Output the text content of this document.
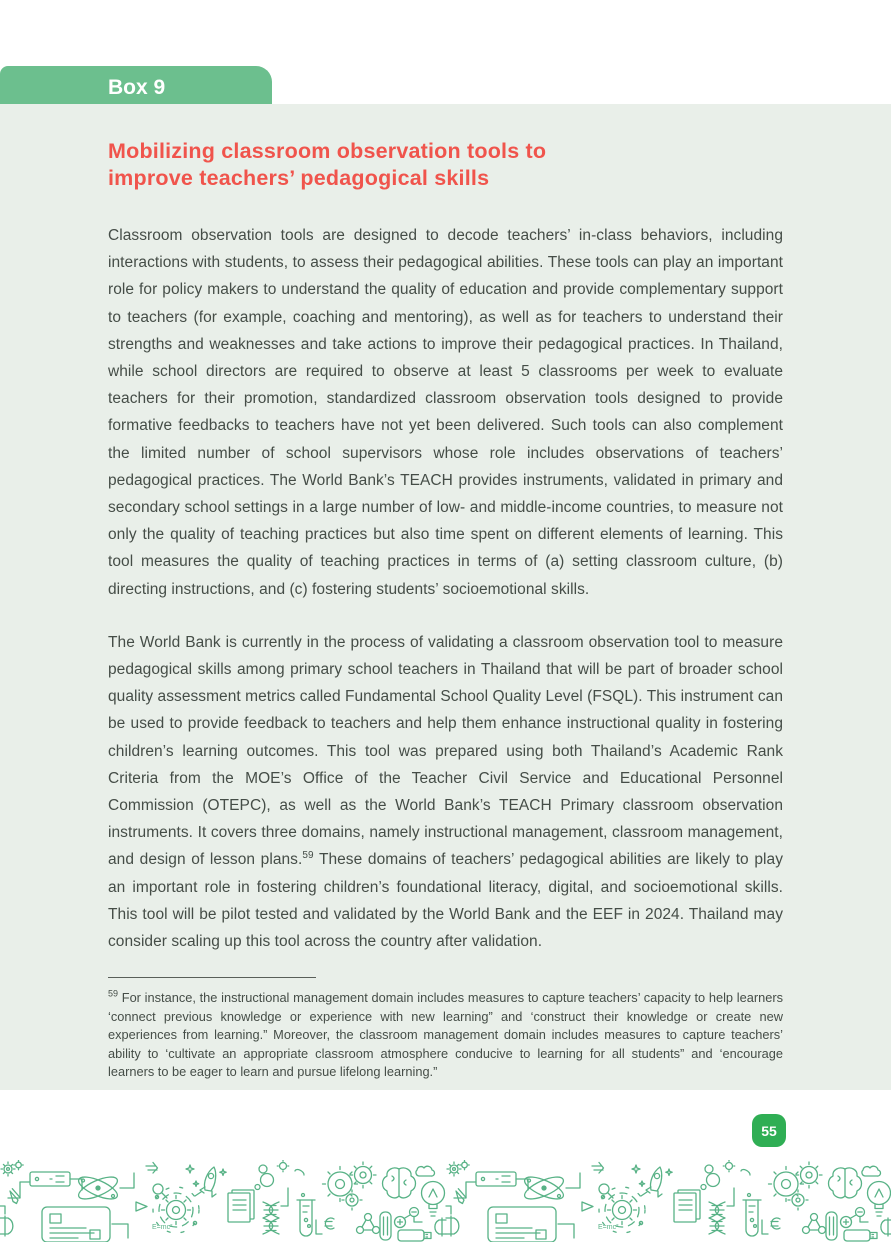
Box 9
Mobilizing classroom observation tools to
improve teachers’ pedagogical skills

Classroom observation tools are designed to decode teachers’ in-class behaviors, including interactions with students, to assess their pedagogical abilities. These tools can play an important role for policy makers to understand the quality of education and provide complementary support to teachers (for example, coaching and mentoring), as well as for teachers to understand their strengths and weaknesses and take actions to improve their pedagogical practices. In Thailand, while school directors are required to observe at least 5 classrooms per week to evaluate teachers for their promotion, standardized classroom observation tools designed to provide formative feedbacks to teachers have not yet been delivered. Such tools can also complement the limited number of school supervisors whose role includes observations of teachers’ pedagogical practices. The World Bank’s TEACH provides instruments, validated in primary and secondary school settings in a large number of low- and middle-income countries, to measure not only the quality of teaching practices but also time spent on different elements of learning. This tool measures the quality of teaching practices in terms of (a) setting classroom culture, (b) directing instructions, and (c) fostering students’ socioemotional skills.

The World Bank is currently in the process of validating a classroom observation tool to measure pedagogical skills among primary school teachers in Thailand that will be part of broader school quality assessment metrics called Fundamental School Quality Level (FSQL). This instrument can be used to provide feedback to teachers and help them enhance instructional quality in fostering children’s learning outcomes. This tool was prepared using both Thailand’s Academic Rank Criteria from the MOE’s Office of the Teacher Civil Service and Educational Personnel Commission (OTEPC), as well as the World Bank’s TEACH Primary classroom observation instruments. It covers three domains, namely instructional management, classroom management, and design of lesson plans.$^{59}$ These domains of teachers’ pedagogical abilities are likely to play an important role in fostering children’s foundational literacy, digital, and socioemotional skills. This tool will be pilot tested and validated by the World Bank and the EEF in 2024. Thailand may consider scaling up this tool across the country after validation.

$^{59}$ For instance, the instructional management domain includes measures to capture teachers’ capacity to help learners ‘connect previous knowledge or experience with new learning” and ‘construct their knowledge or create new experiences from learning.” Moreover, the classroom management domain includes measures to capture teachers’ ability to ‘cultivate an appropriate classroom atmosphere conducive to learning for all students” and ‘encourage learners to be eager to learn and pursue lifelong learning.”

55
E=mc²
